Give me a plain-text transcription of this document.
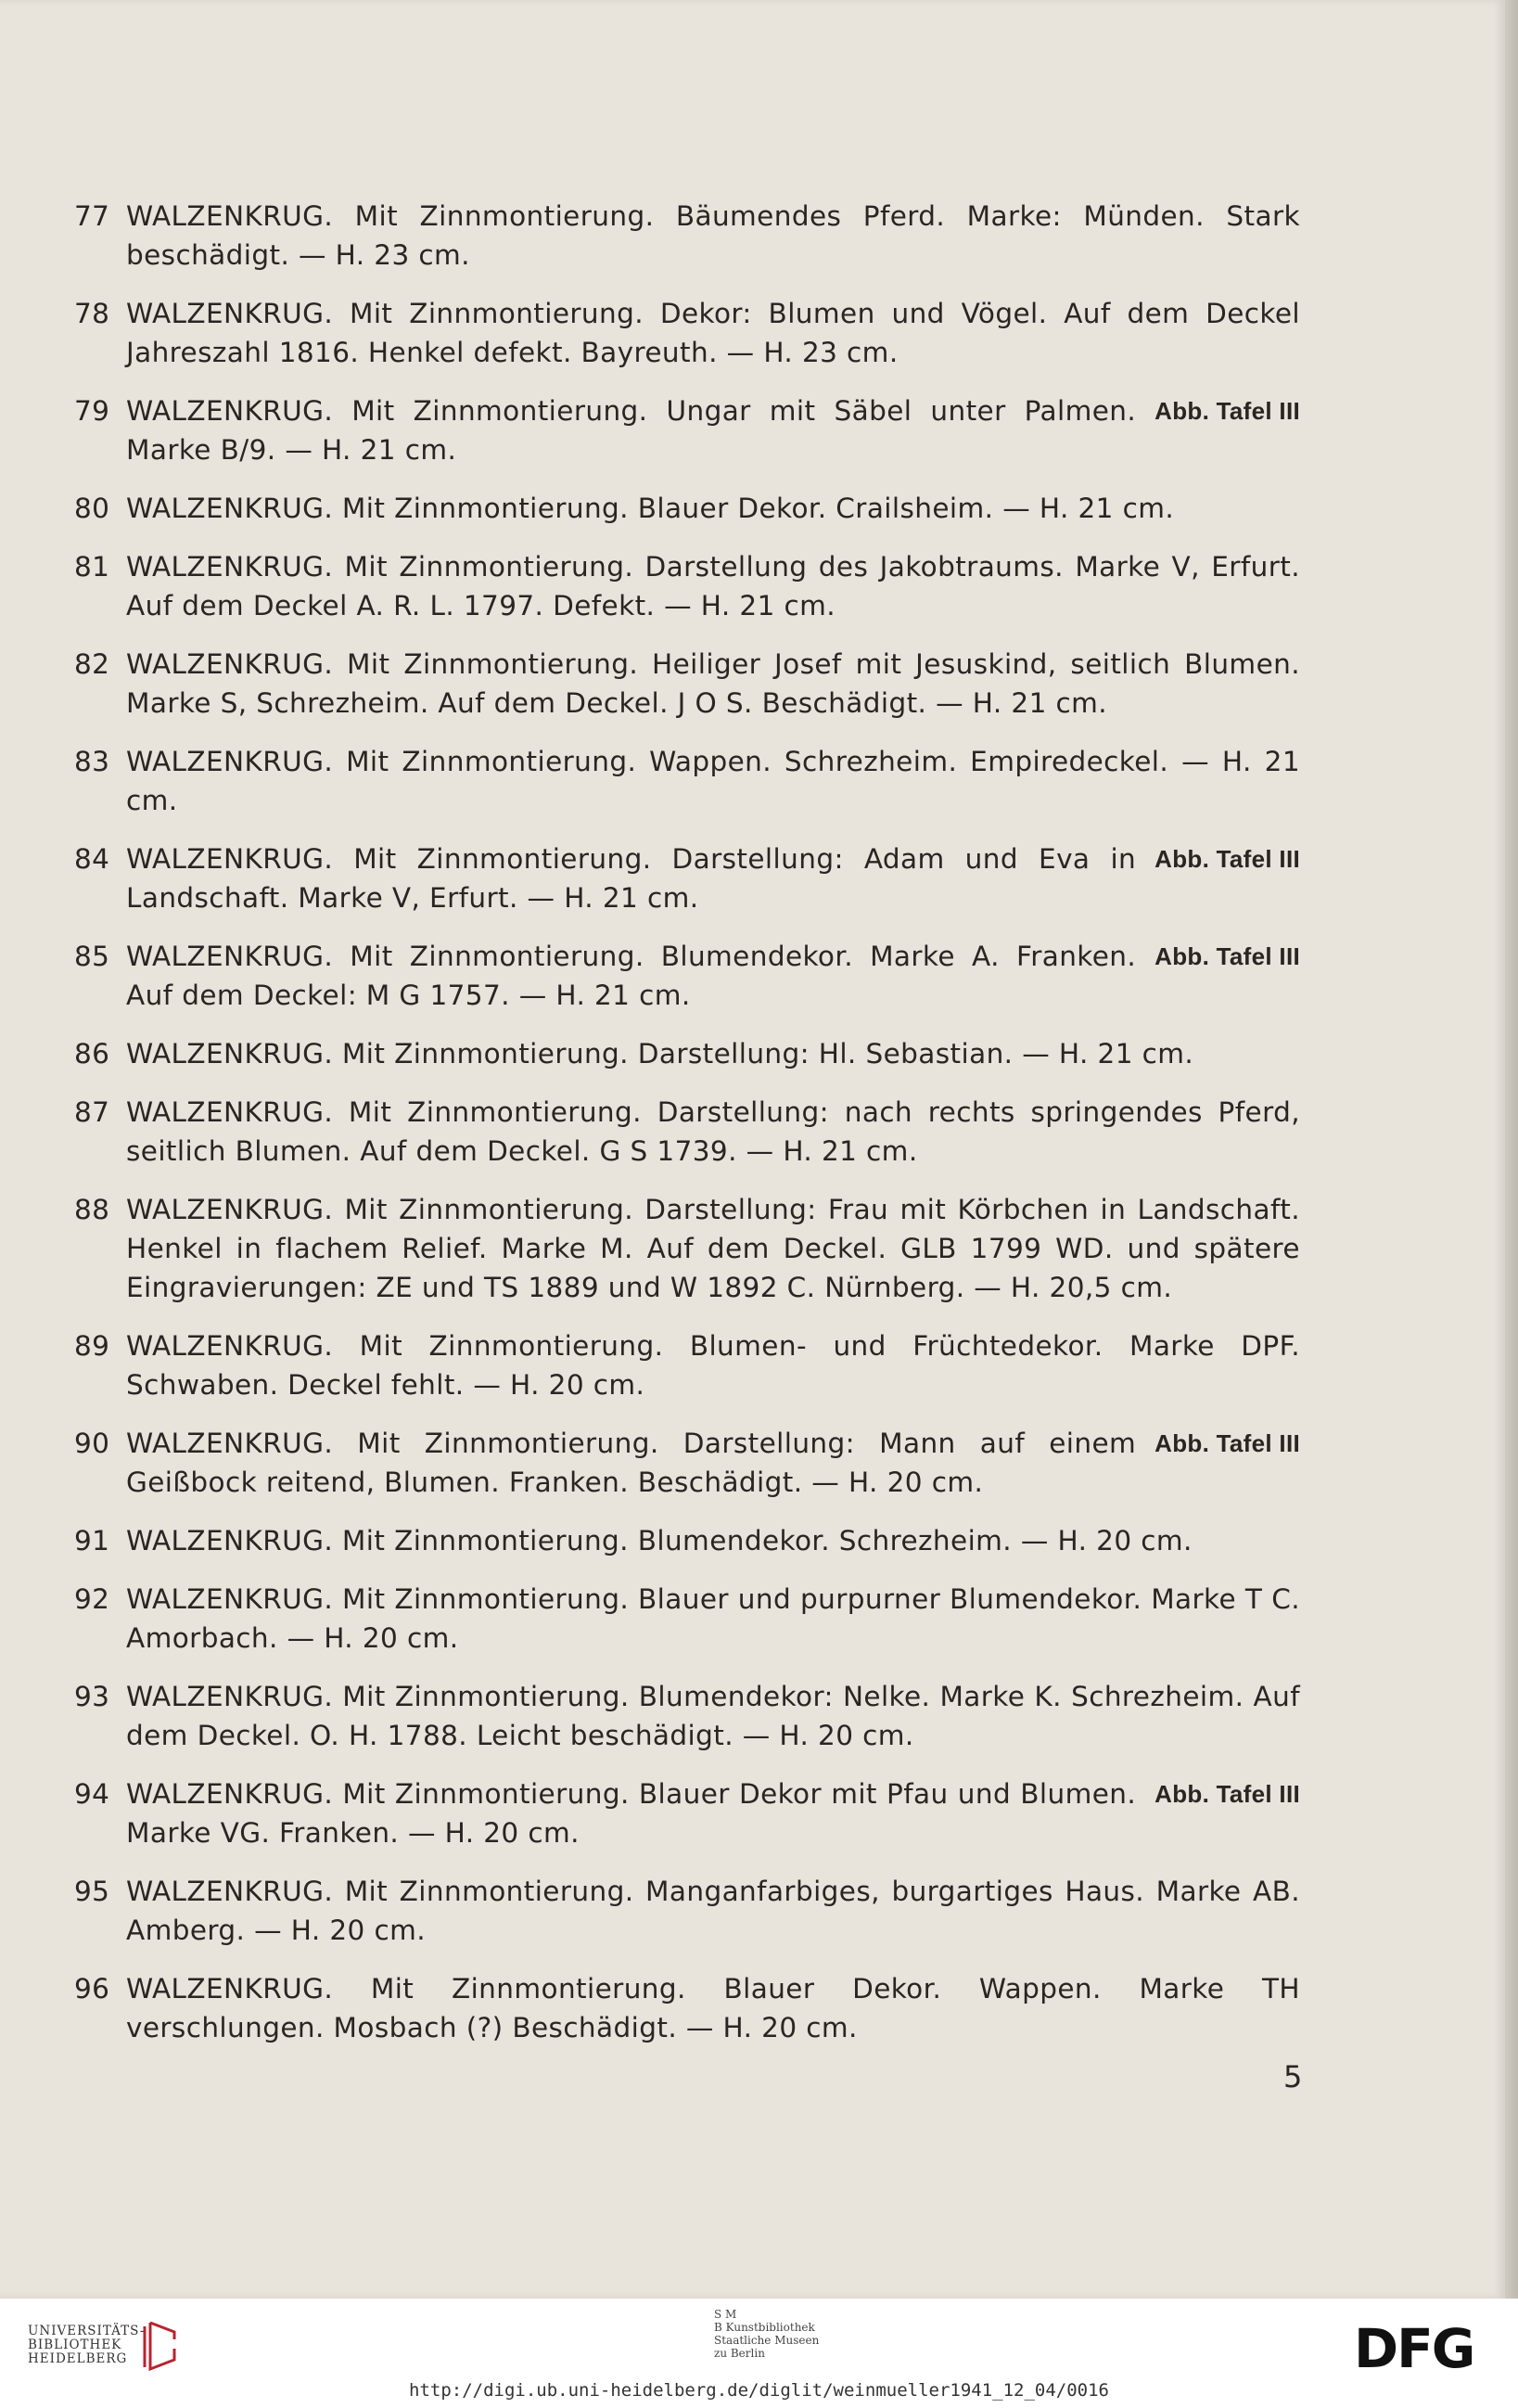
77 WALZENKRUG. Mit Zinnmontierung. Bäumendes Pferd. Marke: Münden. Stark beschädigt. — H. 23 cm.
78 WALZENKRUG. Mit Zinnmontierung. Dekor: Blumen und Vögel. Auf dem Deckel Jahreszahl 1816. Henkel defekt. Bayreuth. — H. 23 cm.
79	Abb. Tafel III
WALZENKRUG. Mit Zinnmontierung. Ungar mit Säbel unter Palmen. Marke B/9. — H. 21 cm.
80 WALZENKRUG. Mit Zinnmontierung. Blauer Dekor. Crailsheim. — H. 21 cm.
81 WALZENKRUG. Mit Zinnmontierung. Darstellung des Jakobtraums. Marke V, Erfurt. Auf dem Deckel A. R. L. 1797. Defekt. — H. 21 cm.
82 WALZENKRUG. Mit Zinnmontierung. Heiliger Josef mit Jesuskind, seitlich Blumen. Marke S, Schrezheim. Auf dem Deckel. J O S. Beschädigt. — H. 21 cm.
83 WALZENKRUG. Mit Zinnmontierung. Wappen. Schrezheim. Empiredeckel. — H. 21 cm.
84	Abb. Tafel III
WALZENKRUG. Mit Zinnmontierung. Darstellung: Adam und Eva in Landschaft. Marke V, Erfurt. — H. 21 cm.
85	Abb. Tafel III
WALZENKRUG. Mit Zinnmontierung. Blumendekor. Marke A. Franken. Auf dem Deckel: M G 1757. — H. 21 cm.
86 WALZENKRUG. Mit Zinnmontierung. Darstellung: Hl. Sebastian. — H. 21 cm.
87 WALZENKRUG. Mit Zinnmontierung. Darstellung: nach rechts springendes Pferd, seitlich Blumen. Auf dem Deckel. G S 1739. — H. 21 cm.
88 WALZENKRUG. Mit Zinnmontierung. Darstellung: Frau mit Körbchen in Landschaft. Henkel in flachem Relief. Marke M. Auf dem Deckel. GLB 1799 WD. und spätere Eingravierungen: ZE und TS 1889 und W 1892 C. Nürnberg. — H. 20,5 cm.
89 WALZENKRUG. Mit Zinnmontierung. Blumen- und Früchtedekor. Marke DPF. Schwaben. Deckel fehlt. — H. 20 cm.
90	Abb. Tafel III
WALZENKRUG. Mit Zinnmontierung. Darstellung: Mann auf einem Geißbock reitend, Blumen. Franken. Beschädigt. — H. 20 cm.
91 WALZENKRUG. Mit Zinnmontierung. Blumendekor. Schrezheim. — H. 20 cm.
92 WALZENKRUG. Mit Zinnmontierung. Blauer und purpurner Blumendekor. Marke T C. Amorbach. — H. 20 cm.
93 WALZENKRUG. Mit Zinnmontierung. Blumendekor: Nelke. Marke K. Schrezheim. Auf dem Deckel. O. H. 1788. Leicht beschädigt. — H. 20 cm.
94	Abb. Tafel III
WALZENKRUG. Mit Zinnmontierung. Blauer Dekor mit Pfau und Blumen. Marke VG. Franken. — H. 20 cm.
95 WALZENKRUG. Mit Zinnmontierung. Manganfarbiges, burgartiges Haus. Marke AB. Amberg. — H. 20 cm.
96 WALZENKRUG. Mit Zinnmontierung. Blauer Dekor. Wappen. Marke TH verschlungen. Mosbach (?) Beschädigt. — H. 20 cm.
5
UNIVERSITÄTS-
BIBLIOTHEK
HEIDELBERG
S M
B Kunstbibliothek
Staatliche Museen
zu Berlin	DFG
http://digi.ub.uni-heidelberg.de/diglit/weinmueller1941_12_04/0016
